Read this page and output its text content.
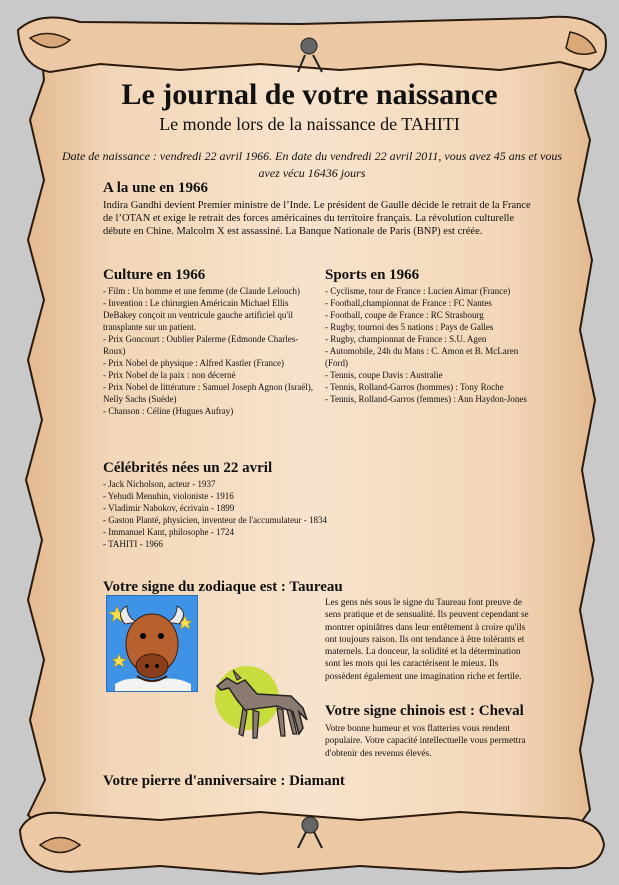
Le journal de votre naissance
Le monde lors de la naissance de TAHITI
Date de naissance : vendredi 22 avril 1966. En date du vendredi 22 avril 2011, vous avez 45 ans et vous avez vécu 16436 jours
A la une en 1966
Indira Gandhi devient Premier ministre de l’Inde. Le président de Gaulle décide le retrait de la France de l’OTAN et exige le retrait des forces américaines du territoire français. La révolution culturelle débute en Chine. Malcolm X est assassiné. La Banque Nationale de Paris (BNP) est créée.
Culture en 1966
- Film : Un homme et une femme (de Claude Lelouch)
- Invention : Le chirurgien Américain Michael Ellis DeBakey conçoit un ventricule gauche artificiel qu'il transplante sur un patient.
- Prix Goncourt : Oublier Palerme (Edmonde Charles-Roux)
- Prix Nobel de physique : Alfred Kastler (France)
- Prix Nobel de la paix : non décerné
- Prix Nobel de littérature : Samuel Joseph Agnon (Israël), Nelly Sachs (Suède)
- Chanson : Céline (Hugues Aufray)
Sports en 1966
- Cyclisme, tour de France : Lucien Aimar (France)
- Football,championnat de France : FC Nantes
- Football, coupe de France : RC Strasbourg
- Rugby, tournoi des 5 nations : Pays de Galles
- Rugby, championnat de France : S.U. Agen
- Automobile, 24h du Mans : C. Amon et B. McLaren (Ford)
- Tennis, coupe Davis : Australie
- Tennis, Rolland-Garros (hommes) : Tony Roche
- Tennis, Rolland-Garros (femmes) : Ann Haydon-Jones
Célébrités nées un 22 avril
- Jack Nicholson, acteur - 1937
- Yehudi Menuhin, violoniste - 1916
- Vladimir Nabokov, écrivain - 1899
- Gaston Planté, physicien, inventeur de l'accumulateur - 1834
- Immanuel Kant, philosophe - 1724
- TAHITI - 1966
Votre signe du zodiaque est : Taureau
Les gens nés sous le signe du Taureau font preuve de sens pratique et de sensualité. Ils peuvent cependant se montrer opiniâtres dans leur entêtement à croire qu'ils ont toujours raison. Ils ont tendance à être tolérants et maternels. La douceur, la solidité et la détermination sont les mots qui les caractérisent le mieux. Ils possèdent également une imagination riche et fertile.
Votre signe chinois est : Cheval
Votre bonne humeur et vos flatteries vous rendent populaire. Votre capacité intellectuelle vous permettra d'obtenir des revenus élevés.
Votre pierre d'anniversaire : Diamant
